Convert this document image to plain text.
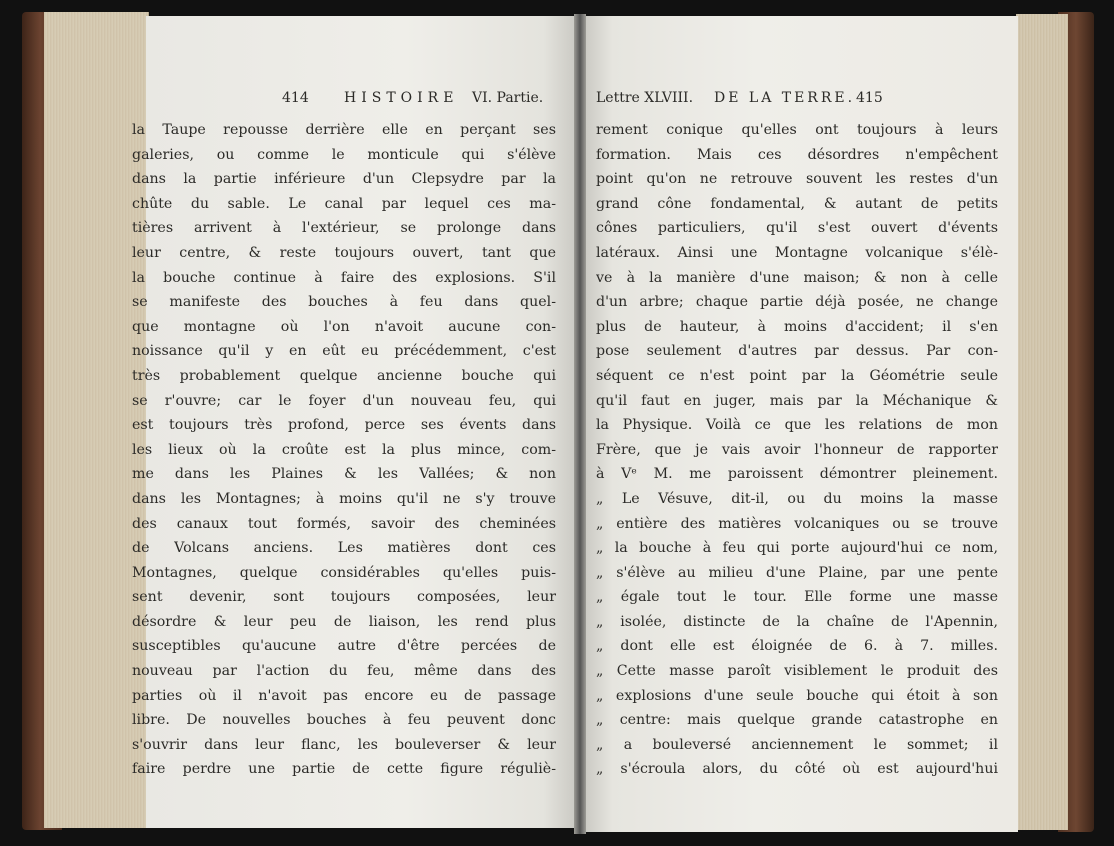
414	HISTOIRE VI. Partie.	Lettre XLVIII. DE LA TERRE. 415
la Taupe repousse derrière elle en perçant ses
galeries, ou comme le monticule qui s'élève
dans la partie inférieure d'un Clepsydre par la
chûte du sable. Le canal par lequel ces ma-
tières arrivent à l'extérieur, se prolonge dans
leur centre, & reste toujours ouvert, tant que
la bouche continue à faire des explosions. S'il
se manifeste des bouches à feu dans quel-
que montagne où l'on n'avoit aucune con-
noissance qu'il y en eût eu précédemment, c'est
très probablement quelque ancienne bouche qui
se r'ouvre; car le foyer d'un nouveau feu, qui
est toujours très profond, perce ses évents dans
les lieux où la croûte est la plus mince, com-
me dans les Plaines & les Vallées; & non
dans les Montagnes; à moins qu'il ne s'y trouve
des canaux tout formés, savoir des cheminées
de Volcans anciens. Les matières dont ces
Montagnes, quelque considérables qu'elles puis-
sent devenir, sont toujours composées, leur
désordre & leur peu de liaison, les rend plus
susceptibles qu'aucune autre d'être percées de
nouveau par l'action du feu, même dans des
parties où il n'avoit pas encore eu de passage
libre. De nouvelles bouches à feu peuvent donc
s'ouvrir dans leur flanc, les bouleverser & leur
faire perdre une partie de cette figure réguliè-
rement conique qu'elles ont toujours à leurs
formation. Mais ces désordres n'empêchent
point qu'on ne retrouve souvent les restes d'un
grand cône fondamental, & autant de petits
cônes particuliers, qu'il s'est ouvert d'évents
latéraux. Ainsi une Montagne volcanique s'élè-
ve à la manière d'une maison; & non à celle
d'un arbre; chaque partie déjà posée, ne change
plus de hauteur, à moins d'accident; il s'en
pose seulement d'autres par dessus. Par con-
séquent ce n'est point par la Géométrie seule
qu'il faut en juger, mais par la Méchanique &
la Physique. Voilà ce que les relations de mon
Frère, que je vais avoir l'honneur de rapporter
à Vᵉ M. me paroissent démontrer pleinement.
„ Le Vésuve, dit-il, ou du moins la masse
„ entière des matières volcaniques ou se trouve
„ la bouche à feu qui porte aujourd'hui ce nom,
„ s'élève au milieu d'une Plaine, par une pente
„ égale tout le tour. Elle forme une masse
„ isolée, distincte de la chaîne de l'Apennin,
„ dont elle est éloignée de 6. à 7. milles.
„ Cette masse paroît visiblement le produit des
„ explosions d'une seule bouche qui étoit à son
„ centre: mais quelque grande catastrophe en
„ a bouleversé anciennement le sommet; il
„ s'écroula alors, du côté où est aujourd'hui
